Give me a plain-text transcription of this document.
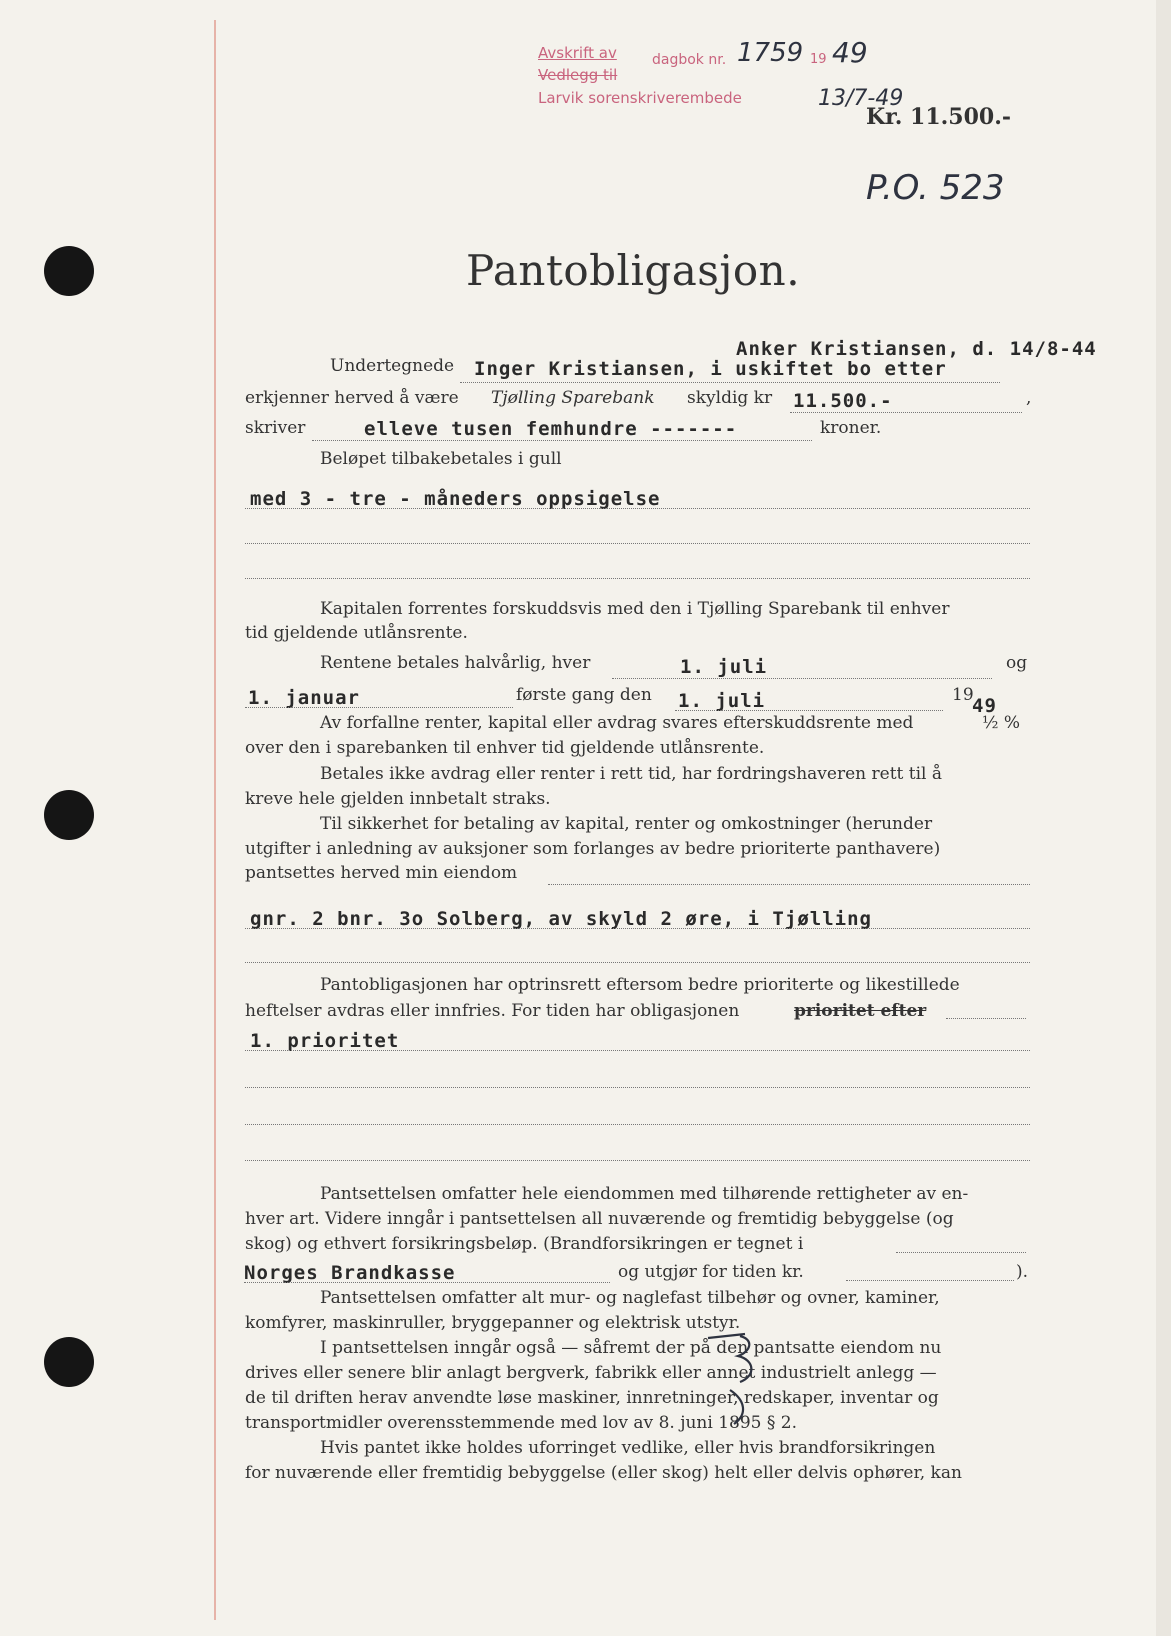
Avskrift av	dagbok nr.
Vedlegg til
Larvik sorenskriverembede
19
1759 49
13/7-49
Kr. 11.500.-
P.O. 523
Pantobligasjon.
Anker Kristiansen, d. 14/8-44
Undertegnede Inger Kristiansen, i uskiftet bo etter
erkjenner herved å være Tjølling Sparebank skyldig kr 11.500.-	,
skriver	elleve tusen femhundre -------	kroner.
Beløpet tilbakebetales i gull
med 3 - tre - måneders oppsigelse
Kapitalen forrentes forskuddsvis med den i Tjølling Sparebank til enhver
tid gjeldende utlånsrente.
Rentene betales halvårlig, hver	1. juli	og
1. januar	første gang den 1. juli	19
49
Av forfallne renter, kapital eller avdrag svares efterskuddsrente med	½ %
over den i sparebanken til enhver tid gjeldende utlånsrente.
Betales ikke avdrag eller renter i rett tid, har fordringshaveren rett til å
kreve hele gjelden innbetalt straks.
Til sikkerhet for betaling av kapital, renter og omkostninger (herunder
utgifter i anledning av auksjoner som forlanges av bedre prioriterte panthavere)
pantsettes herved min eiendom
gnr. 2 bnr. 3o Solberg, av skyld 2 øre, i Tjølling
Pantobligasjonen har optrinsrett eftersom bedre prioriterte og likestillede
heftelser avdras eller innfries. For tiden har obligasjonen	prioritet efter
1. prioritet
Pantsettelsen omfatter hele eiendommen med tilhørende rettigheter av en-
hver art. Videre inngår i pantsettelsen all nuværende og fremtidig bebyggelse (og
skog) og ethvert forsikringsbeløp. (Brandforsikringen er tegnet i
Norges Brandkasse	og utgjør for tiden kr.	).
Pantsettelsen omfatter alt mur- og naglefast tilbehør og ovner, kaminer,
komfyrer, maskinruller, bryggepanner og elektrisk utstyr.
I pantsettelsen inngår også — såfremt der på den pantsatte eiendom nu
drives eller senere blir anlagt bergverk, fabrikk eller annet industrielt anlegg —
de til driften herav anvendte løse maskiner, innretninger, redskaper, inventar og
transportmidler overensstemmende med lov av 8. juni 1895 § 2.
Hvis pantet ikke holdes uforringet vedlike, eller hvis brandforsikringen
for nuværende eller fremtidig bebyggelse (eller skog) helt eller delvis ophører, kan
